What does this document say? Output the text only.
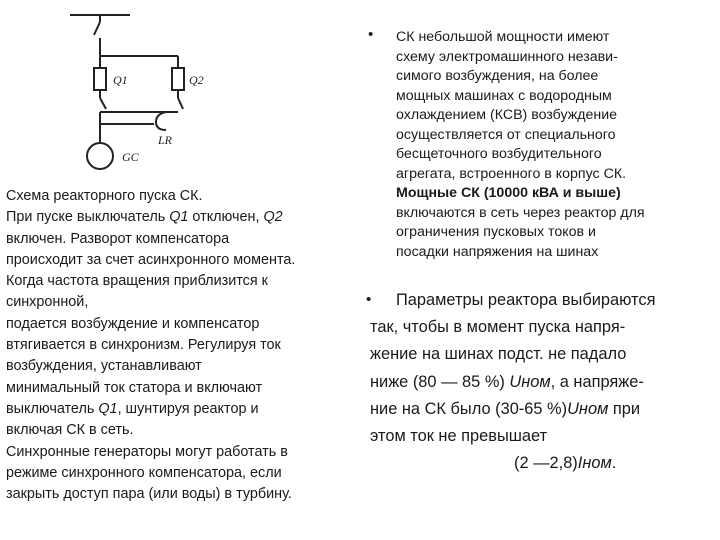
Q1	Q2
LR
GC
Схема реакторного пуска СК.
При пуске выключатель Q1 отключен, Q2
включен. Разворот компенсатора
происходит за счет асинхронного момента.
Когда частота вращения приблизится к
синхронной,
подается возбуждение и компенсатор
втягивается в синхронизм. Регулируя ток
возбуждения, устанавливают
минимальный ток статора и включают
выключатель Q1, шунтируя реактор и
включая СК в сеть.
Синхронные генераторы могут работать в
режиме синхронного компенсатора, если
закрыть доступ пара (или воды) в турбину.
• СК небольшой мощности имеют
схему электромашинного незави-
симого возбуждения, на более
мощных машинах с водородным
охлаждением (КСВ) возбуждение
осуществляется от специального
бесщеточного возбудительного
агрегата, встроенного в корпус СК.
Мощные СК (10000 кВА и выше)
включаются в сеть через реактор для
ограничения пусковых токов и
посадки напряжения на шинах
•	Параметры реактора выбираются
так, чтобы в момент пуска напря-
жение на шинах подст. не падало
ниже (80 — 85 %) Uном, а напряже-
ние на СК было (30-65 %)Uном при
этом ток не превышает
(2 —2,8)Iном.
